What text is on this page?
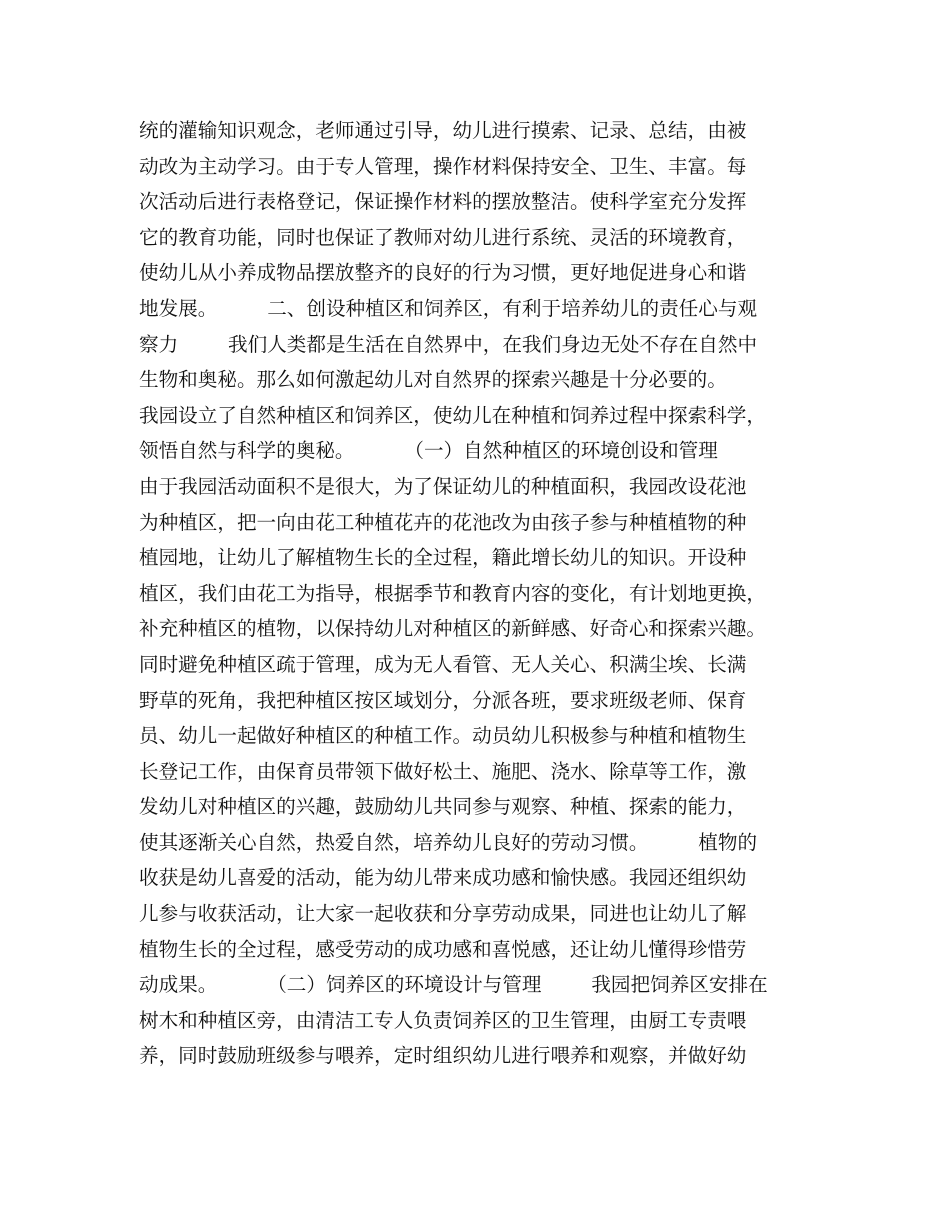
统的灌输知识观念，老师通过引导，幼儿进行摸索、记录、总结，由被
动改为主动学习。由于专人管理，操作材料保持安全、卫生、丰富。每
次活动后进行表格登记，保证操作材料的摆放整洁。使科学室充分发挥
它的教育功能，同时也保证了教师对幼儿进行系统、灵活的环境教育，
使幼儿从小养成物品摆放整齐的良好的行为习惯，更好地促进身心和谐
地发展。        二、创设种植区和饲养区，有利于培养幼儿的责任心与观
察力        我们人类都是生活在自然界中，在我们身边无处不存在自然中
生物和奥秘。那么如何激起幼儿对自然界的探索兴趣是十分必要的。
我园设立了自然种植区和饲养区，使幼儿在种植和饲养过程中探索科学，
领悟自然与科学的奥秘。        （一）自然种植区的环境创设和管理
由于我园活动面积不是很大，为了保证幼儿的种植面积，我园改设花池
为种植区，把一向由花工种植花卉的花池改为由孩子参与种植植物的种
植园地，让幼儿了解植物生长的全过程，籍此增长幼儿的知识。开设种
植区，我们由花工为指导，根据季节和教育内容的变化，有计划地更换，
补充种植区的植物，以保持幼儿对种植区的新鲜感、好奇心和探索兴趣。
同时避免种植区疏于管理，成为无人看管、无人关心、积满尘埃、长满
野草的死角，我把种植区按区域划分，分派各班，要求班级老师、保育
员、幼儿一起做好种植区的种植工作。动员幼儿积极参与种植和植物生
长登记工作，由保育员带领下做好松土、施肥、浇水、除草等工作，激
发幼儿对种植区的兴趣，鼓励幼儿共同参与观察、种植、探索的能力，
使其逐渐关心自然，热爱自然，培养幼儿良好的劳动习惯。        植物的
收获是幼儿喜爱的活动，能为幼儿带来成功感和愉快感。我园还组织幼
儿参与收获活动，让大家一起收获和分享劳动成果，同进也让幼儿了解
植物生长的全过程，感受劳动的成功感和喜悦感，还让幼儿懂得珍惜劳
动成果。        （二）饲养区的环境设计与管理        我园把饲养区安排在
树木和种植区旁，由清洁工专人负责饲养区的卫生管理，由厨工专责喂
养，同时鼓励班级参与喂养，定时组织幼儿进行喂养和观察，并做好幼
